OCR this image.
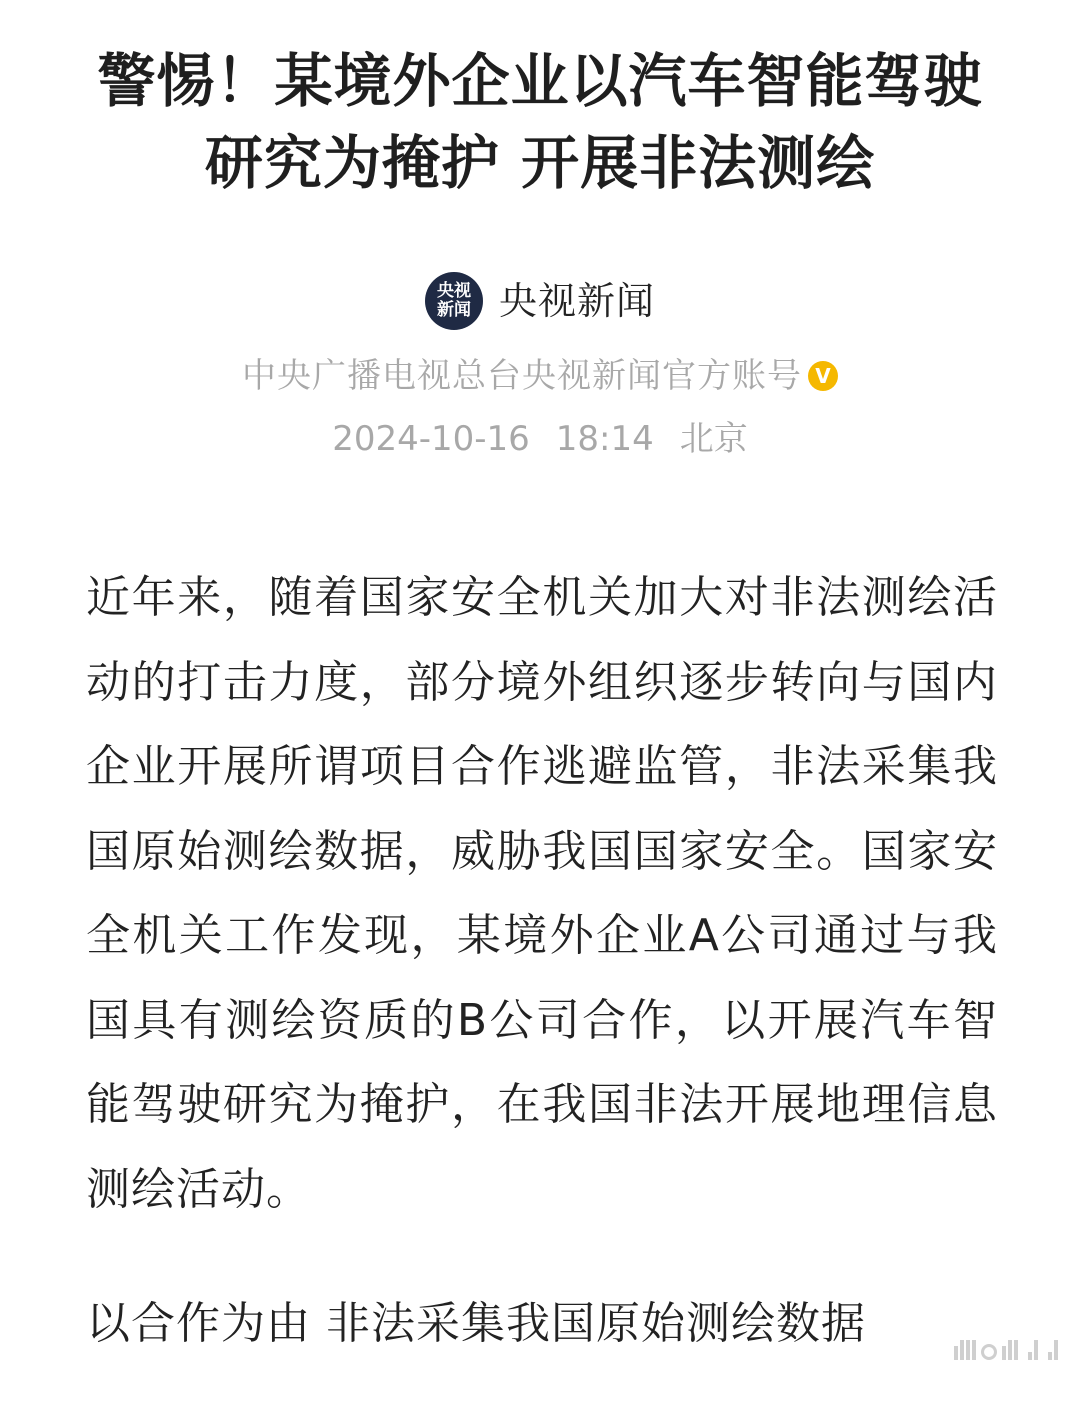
警惕！某境外企业以汽车智能驾驶
研究为掩护 开展非法测绘
央视
新闻 央视新闻
中央广播电视总台央视新闻官方账号 V
2024-10-16 18:14 北京

近年来，随着国家安全机关加大对非法测绘活动的打击力度，部分境外组织逐步转向与国内企业开展所谓项目合作逃避监管，非法采集我国原始测绘数据，威胁我国国家安全。国家安全机关工作发现，某境外企业A公司通过与我国具有测绘资质的B公司合作，以开展汽车智能驾驶研究为掩护，在我国非法开展地理信息测绘活动。

以合作为由 非法采集我国原始测绘数据
